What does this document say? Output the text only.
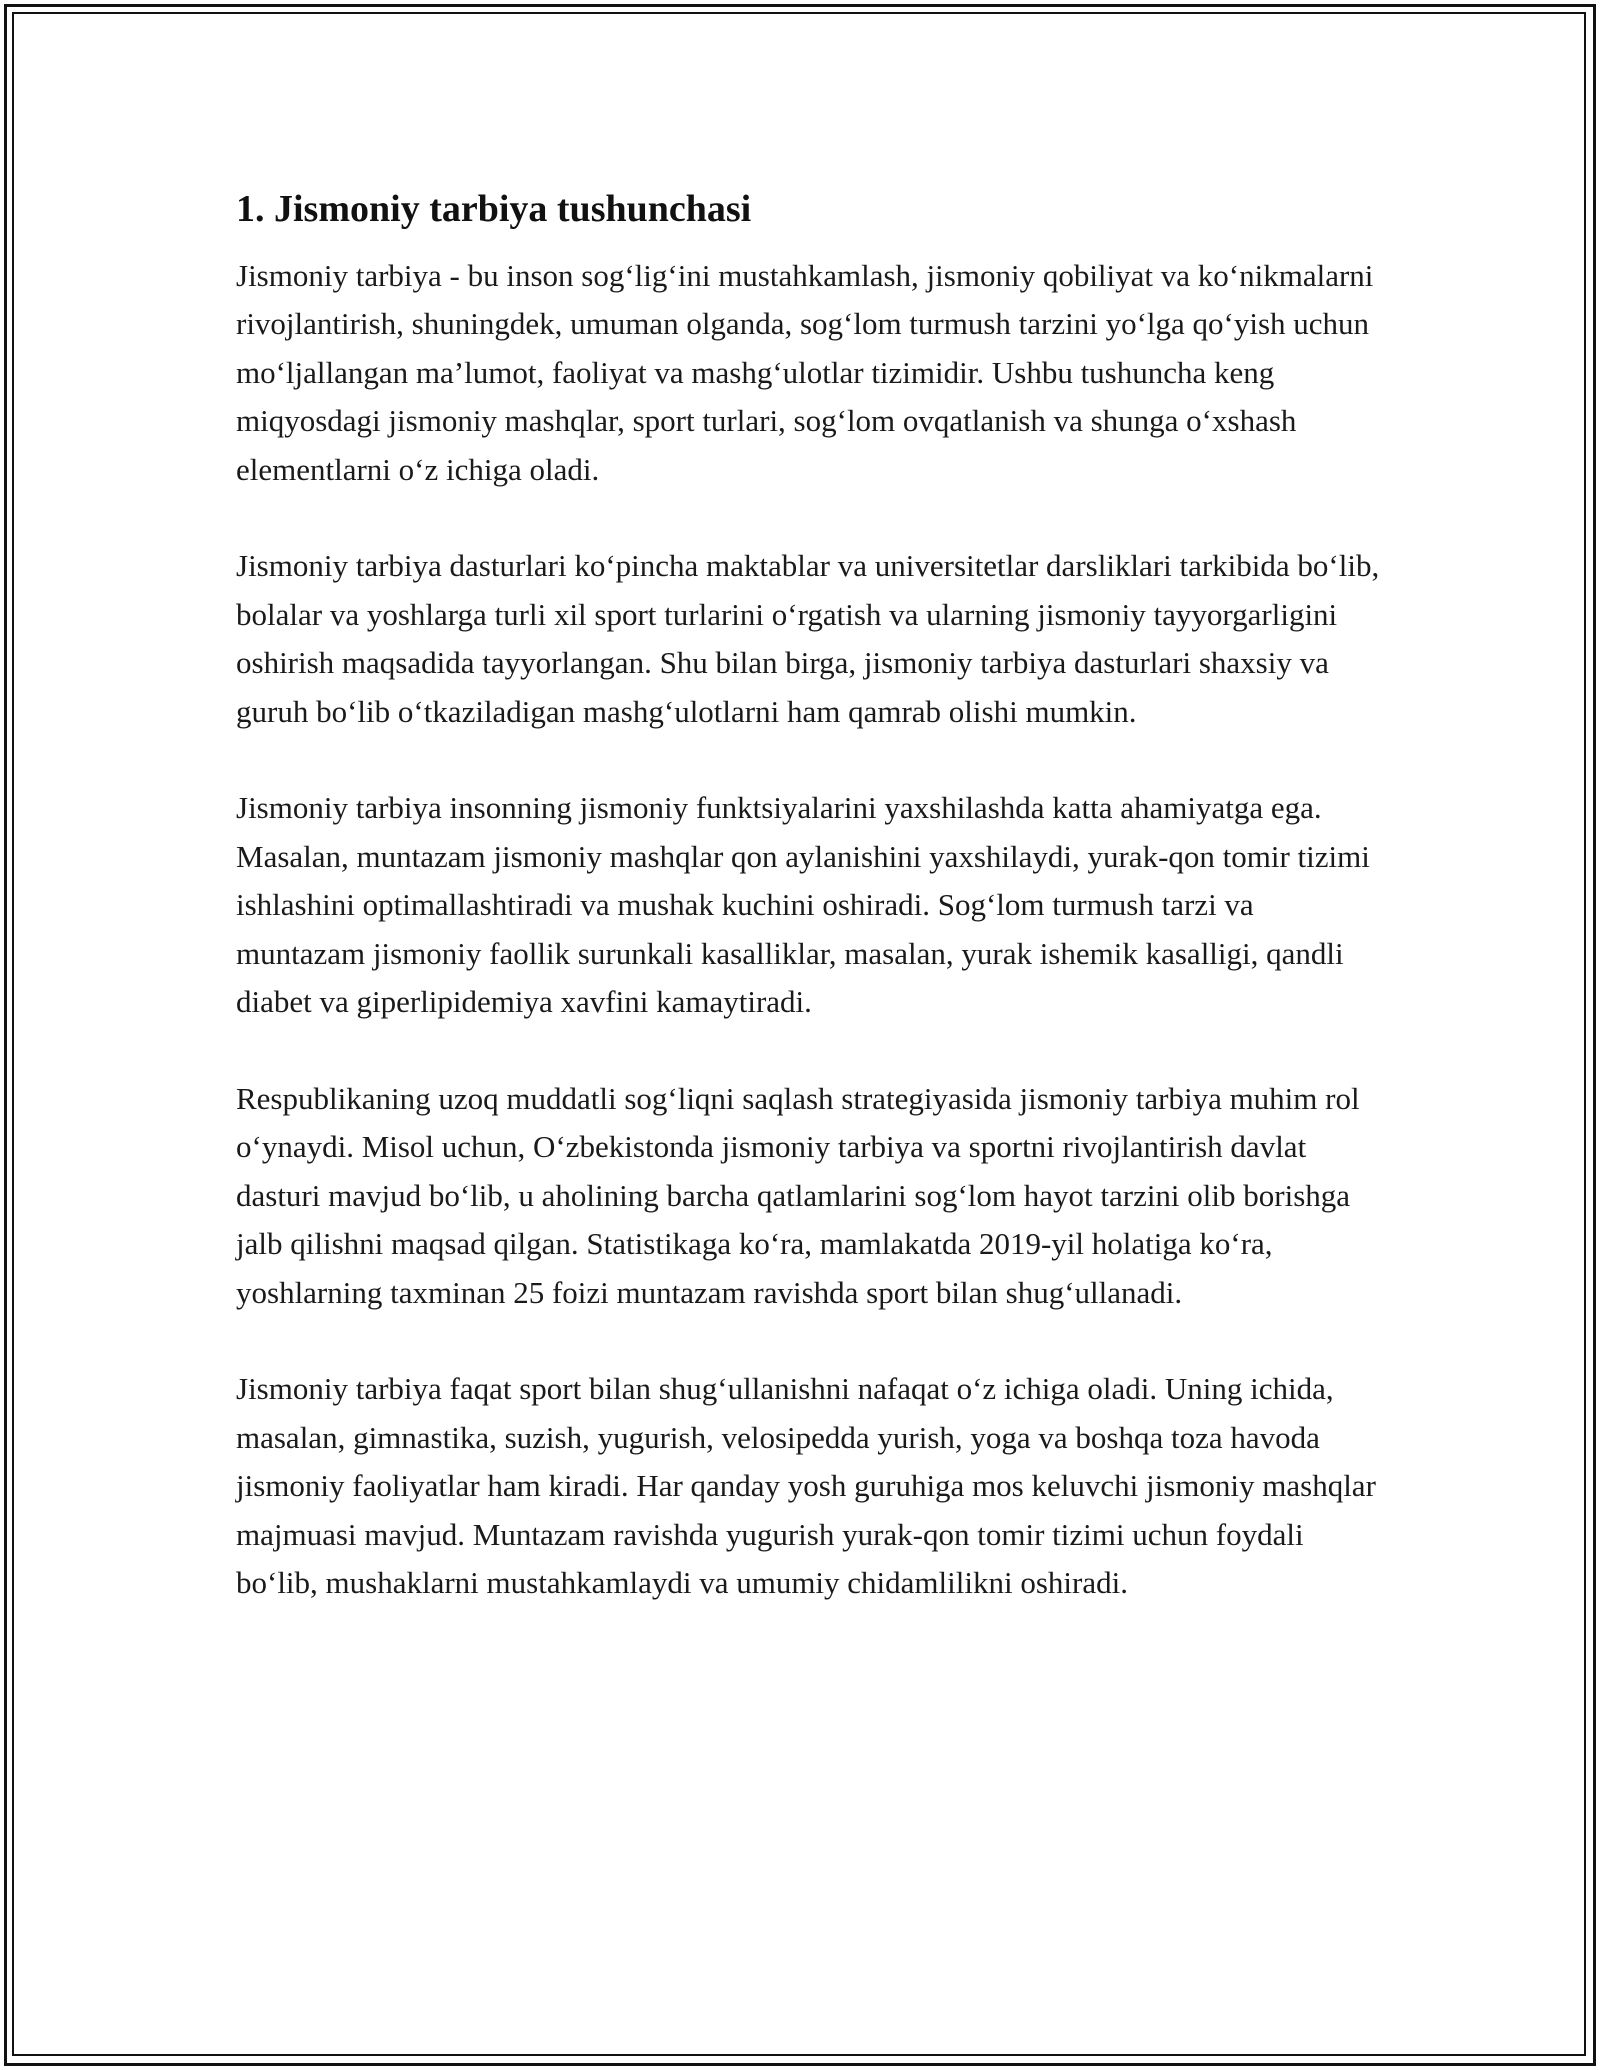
1. Jismoniy tarbiya tushunchasi

Jismoniy tarbiya - bu inson sog‘lig‘ini mustahkamlash, jismoniy qobiliyat va ko‘nikmalarni rivojlantirish, shuningdek, umuman olganda, sog‘lom turmush tarzini yo‘lga qo‘yish uchun mo‘ljallangan ma’lumot, faoliyat va mashg‘ulotlar tizimidir. Ushbu tushuncha keng miqyosdagi jismoniy mashqlar, sport turlari, sog‘lom ovqatlanish va shunga o‘xshash elementlarni o‘z ichiga oladi.

Jismoniy tarbiya dasturlari ko‘pincha maktablar va universitetlar darsliklari tarkibida bo‘lib, bolalar va yoshlarga turli xil sport turlarini o‘rgatish va ularning jismoniy tayyorgarligini oshirish maqsadida tayyorlangan. Shu bilan birga, jismoniy tarbiya dasturlari shaxsiy va guruh bo‘lib o‘tkaziladigan mashg‘ulotlarni ham qamrab olishi mumkin.

Jismoniy tarbiya insonning jismoniy funktsiyalarini yaxshilashda katta ahamiyatga ega. Masalan, muntazam jismoniy mashqlar qon aylanishini yaxshilaydi, yurak-qon tomir tizimi ishlashini optimallashtiradi va mushak kuchini oshiradi. Sog‘lom turmush tarzi va muntazam jismoniy faollik surunkali kasalliklar, masalan, yurak ishemik kasalligi, qandli diabet va giperlipidemiya xavfini kamaytiradi.

Respublikaning uzoq muddatli sog‘liqni saqlash strategiyasida jismoniy tarbiya muhim rol o‘ynaydi. Misol uchun, O‘zbekistonda jismoniy tarbiya va sportni rivojlantirish davlat dasturi mavjud bo‘lib, u aholining barcha qatlamlarini sog‘lom hayot tarzini olib borishga jalb qilishni maqsad qilgan. Statistikaga ko‘ra, mamlakatda 2019-yil holatiga ko‘ra, yoshlarning taxminan 25 foizi muntazam ravishda sport bilan shug‘ullanadi.

Jismoniy tarbiya faqat sport bilan shug‘ullanishni nafaqat o‘z ichiga oladi. Uning ichida, masalan, gimnastika, suzish, yugurish, velosipedda yurish, yoga va boshqa toza havoda jismoniy faoliyatlar ham kiradi. Har qanday yosh guruhiga mos keluvchi jismoniy mashqlar majmuasi mavjud. Muntazam ravishda yugurish yurak-qon tomir tizimi uchun foydali bo‘lib, mushaklarni mustahkamlaydi va umumiy chidamlilikni oshiradi.
